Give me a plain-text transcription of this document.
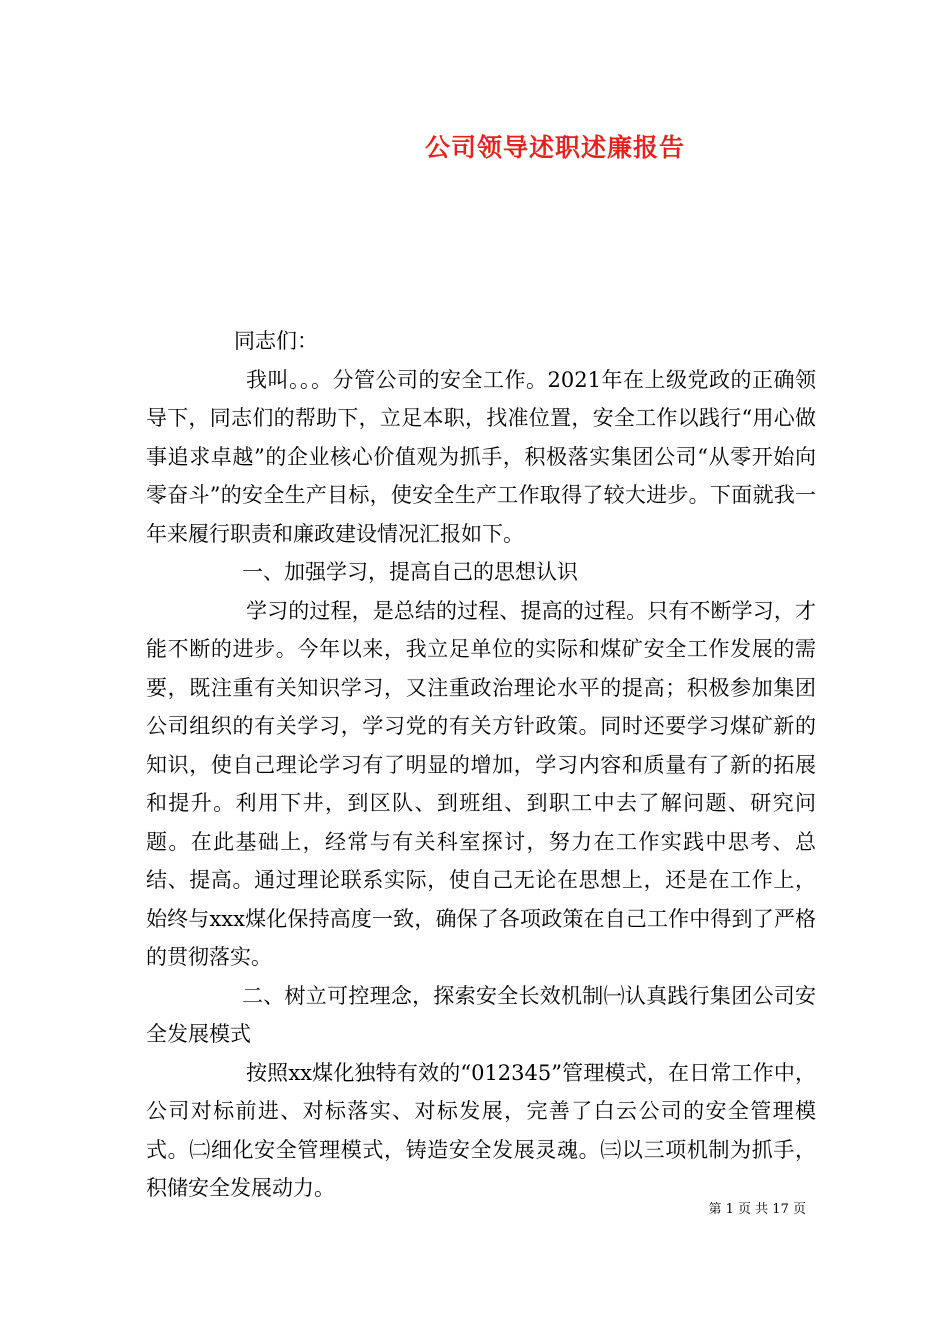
公司领导述职述廉报告

同志们：

我叫。。。分管公司的安全工作。2021年在上级党政的正确领导下，同志们的帮助下，立足本职，找准位置，安全工作以践行“用心做事追求卓越”的企业核心价值观为抓手，积极落实集团公司“从零开始向零奋斗”的安全生产目标，使安全生产工作取得了较大进步。下面就我一年来履行职责和廉政建设情况汇报如下。

一、加强学习，提高自己的思想认识

学习的过程，是总结的过程、提高的过程。只有不断学习，才能不断的进步。今年以来，我立足单位的实际和煤矿安全工作发展的需要，既注重有关知识学习，又注重政治理论水平的提高；积极参加集团公司组织的有关学习，学习党的有关方针政策。同时还要学习煤矿新的知识，使自己理论学习有了明显的增加，学习内容和质量有了新的拓展和提升。利用下井，到区队、到班组、到职工中去了解问题、研究问题。在此基础上，经常与有关科室探讨，努力在工作实践中思考、总结、提高。通过理论联系实际，使自己无论在思想上，还是在工作上，始终与xxx煤化保持高度一致，确保了各项政策在自己工作中得到了严格的贯彻落实。

二、树立可控理念，探索安全长效机制㈠认真践行集团公司安全发展模式

按照xx煤化独特有效的“012345”管理模式，在日常工作中，公司对标前进、对标落实、对标发展，完善了白云公司的安全管理模式。㈡细化安全管理模式，铸造安全发展灵魂。㈢以三项机制为抓手，积储安全发展动力。

第 1 页 共 17 页
